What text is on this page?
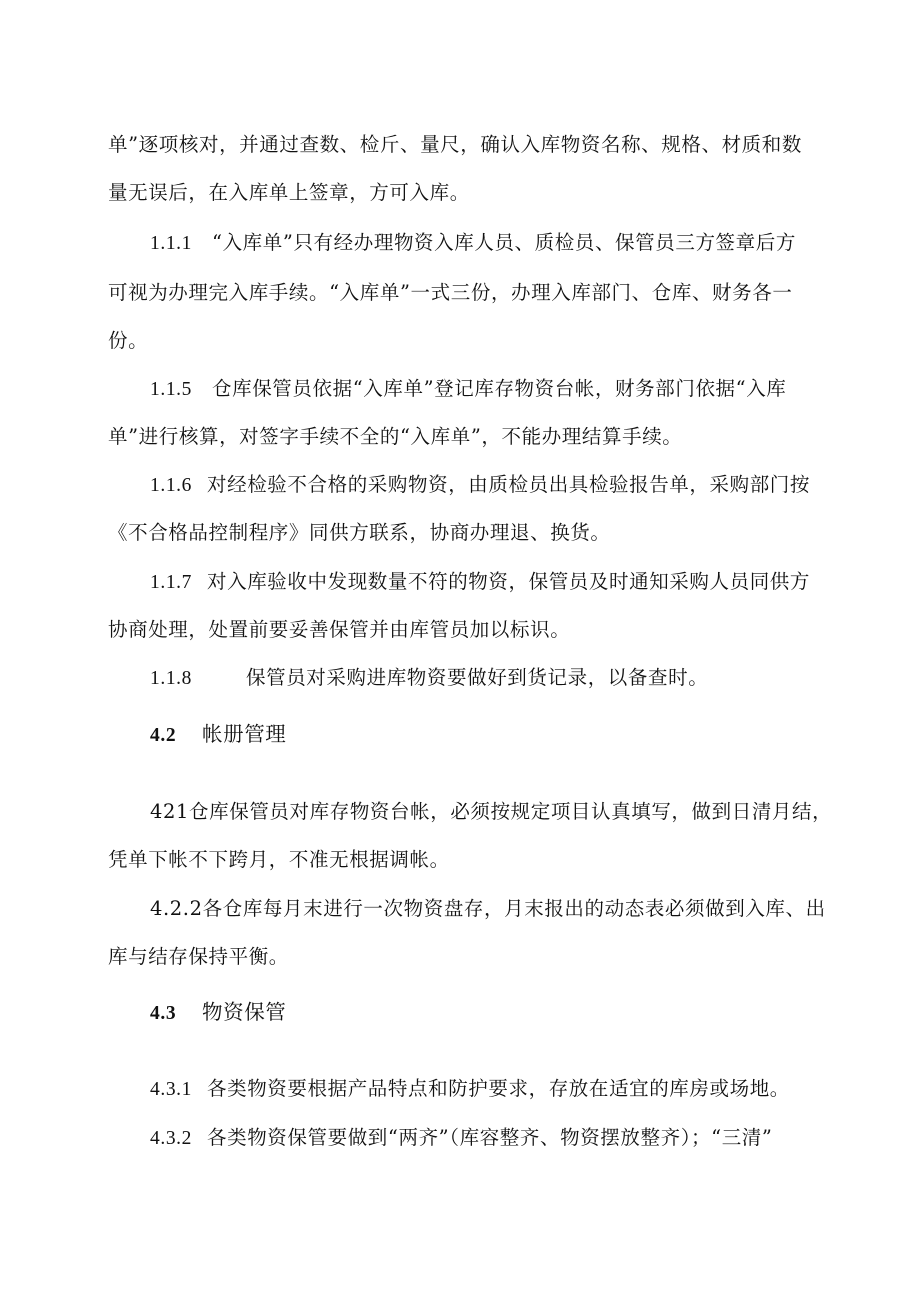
单”逐项核对，并通过查数、检斤、量尺，确认入库物资名称、规格、材质和数
量无误后，在入库单上签章，方可入库。
1.1.1 “入库单”只有经办理物资入库人员、质检员、保管员三方签章后方
可视为办理完入库手续。“入库单”一式三份，办理入库部门、仓库、财务各一
份。
1.1.5 仓库保管员依据“入库单”登记库存物资台帐，财务部门依据“入库
单”进行核算，对签字手续不全的“入库单”，不能办理结算手续。
1.1.6 对经检验不合格的采购物资，由质检员出具检验报告单，采购部门按
《不合格品控制程序》同供方联系，协商办理退、换货。
1.1.7 对入库验收中发现数量不符的物资，保管员及时通知采购人员同供方
协商处理，处置前要妥善保管并由库管员加以标识。
1.1.8	保管员对采购进库物资要做好到货记录，以备查时。
4.2 帐册管理
421仓库保管员对库存物资台帐，必须按规定项目认真填写，做到日清月结，
凭单下帐不下跨月，不准无根据调帐。
4.2.2各仓库每月末进行一次物资盘存，月末报出的动态表必须做到入库、出
库与结存保持平衡。
4.3 物资保管
4.3.1 各类物资要根据产品特点和防护要求，存放在适宜的库房或场地。
4.3.2 各类物资保管要做到“两齐”（库容整齐、物资摆放整齐）；“三清”
